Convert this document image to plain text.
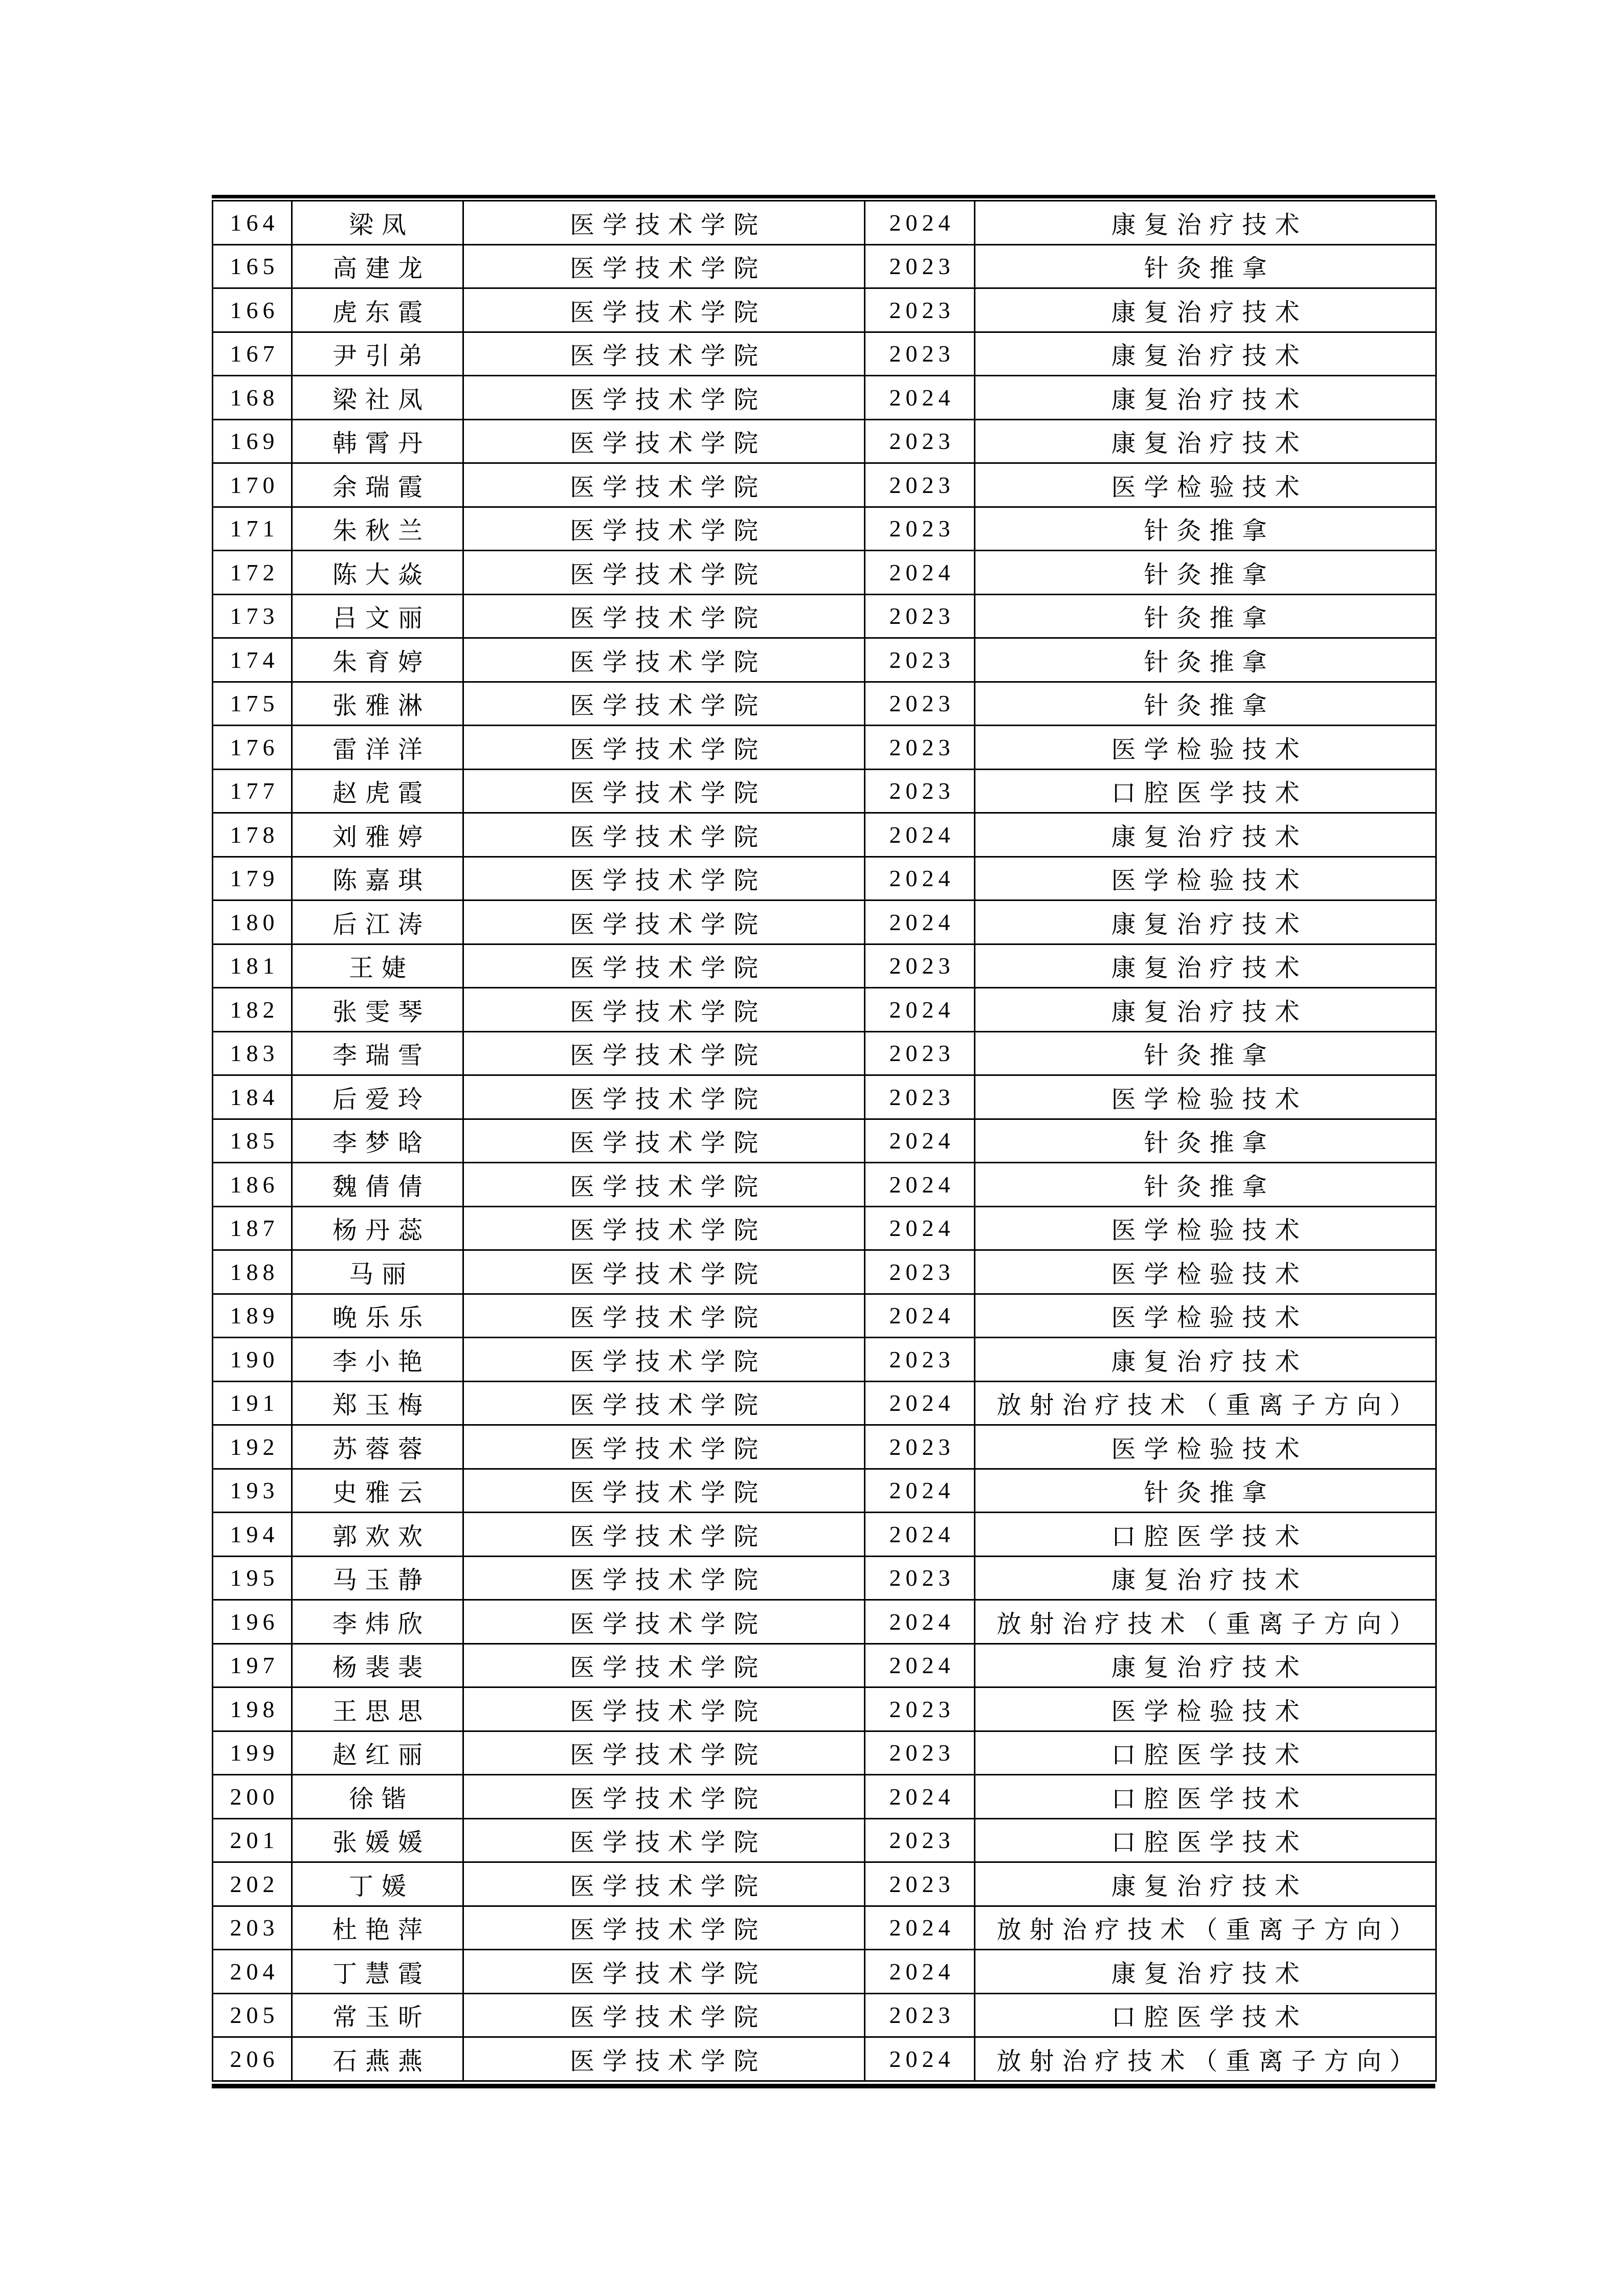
164	梁凤	医学技术学院	2024	康复治疗技术
165	高建龙	医学技术学院	2023	针灸推拿
166	虎东霞	医学技术学院	2023	康复治疗技术
167	尹引弟	医学技术学院	2023	康复治疗技术
168	梁社凤	医学技术学院	2024	康复治疗技术
169	韩霄丹	医学技术学院	2023	康复治疗技术
170	余瑞霞	医学技术学院	2023	医学检验技术
171	朱秋兰	医学技术学院	2023	针灸推拿
172	陈大焱	医学技术学院	2024	针灸推拿
173	吕文丽	医学技术学院	2023	针灸推拿
174	朱育婷	医学技术学院	2023	针灸推拿
175	张雅淋	医学技术学院	2023	针灸推拿
176	雷洋洋	医学技术学院	2023	医学检验技术
177	赵虎霞	医学技术学院	2023	口腔医学技术
178	刘雅婷	医学技术学院	2024	康复治疗技术
179	陈嘉琪	医学技术学院	2024	医学检验技术
180	后江涛	医学技术学院	2024	康复治疗技术
181	王婕	医学技术学院	2023	康复治疗技术
182	张雯琴	医学技术学院	2024	康复治疗技术
183	李瑞雪	医学技术学院	2023	针灸推拿
184	后爱玲	医学技术学院	2023	医学检验技术
185	李梦晗	医学技术学院	2024	针灸推拿
186	魏倩倩	医学技术学院	2024	针灸推拿
187	杨丹蕊	医学技术学院	2024	医学检验技术
188	马丽	医学技术学院	2023	医学检验技术
189	晚乐乐	医学技术学院	2024	医学检验技术
190	李小艳	医学技术学院	2023	康复治疗技术
191	郑玉梅	医学技术学院	2024	放射治疗技术（重离子方向）
192	苏蓉蓉	医学技术学院	2023	医学检验技术
193	史雅云	医学技术学院	2024	针灸推拿
194	郭欢欢	医学技术学院	2024	口腔医学技术
195	马玉静	医学技术学院	2023	康复治疗技术
196	李炜欣	医学技术学院	2024	放射治疗技术（重离子方向）
197	杨裴裴	医学技术学院	2024	康复治疗技术
198	王思思	医学技术学院	2023	医学检验技术
199	赵红丽	医学技术学院	2023	口腔医学技术
200	徐锴	医学技术学院	2024	口腔医学技术
201	张媛媛	医学技术学院	2023	口腔医学技术
202	丁媛	医学技术学院	2023	康复治疗技术
203	杜艳萍	医学技术学院	2024	放射治疗技术（重离子方向）
204	丁慧霞	医学技术学院	2024	康复治疗技术
205	常玉昕	医学技术学院	2023	口腔医学技术
206	石燕燕	医学技术学院	2024	放射治疗技术（重离子方向）
